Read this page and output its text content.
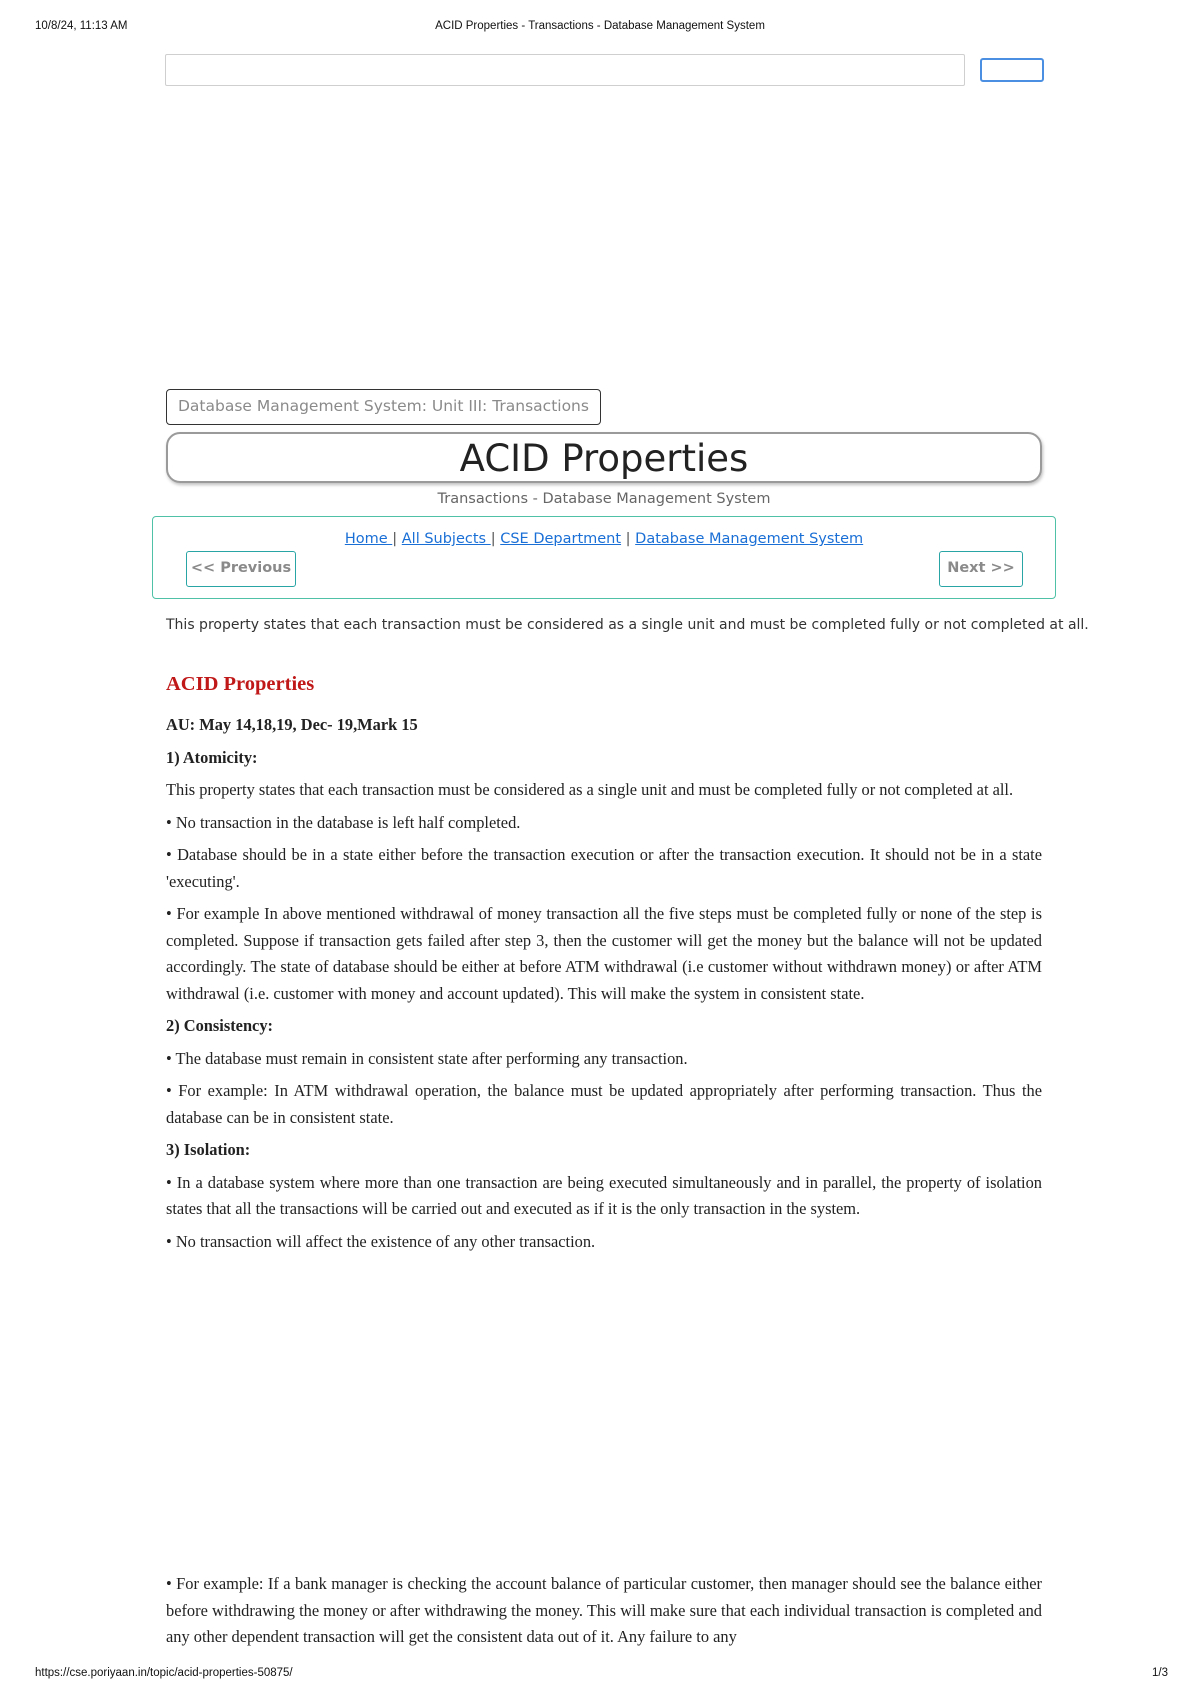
10/8/24, 11:13 AM	ACID Properties - Transactions - Database Management System
Database Management System: Unit III: Transactions
ACID Properties
Transactions - Database Management System
Home | All Subjects | CSE Department | Database Management System
<< Previous	Next >>
This property states that each transaction must be considered as a single unit and must be completed fully or not completed at all.
ACID Properties

AU: May 14,18,19, Dec- 19,Mark 15

1) Atomicity:

This property states that each transaction must be considered as a single unit and must be completed fully or not completed at all.

• No transaction in the database is left half completed.

• Database should be in a state either before the transaction execution or after the transaction execution. It should not be in a state 'executing'.

• For example In above mentioned withdrawal of money transaction all the five steps must be completed fully or none of the step is completed. Suppose if transaction gets failed after step 3, then the customer will get the money but the balance will not be updated accordingly. The state of database should be either at before ATM withdrawal (i.e customer without withdrawn money) or after ATM withdrawal (i.e. customer with money and account updated). This will make the system in consistent state.

2) Consistency:

• The database must remain in consistent state after performing any transaction.

• For example: In ATM withdrawal operation, the balance must be updated appropriately after performing transaction. Thus the database can be in consistent state.

3) Isolation:

• In a database system where more than one transaction are being executed simultaneously and in parallel, the property of isolation states that all the transactions will be carried out and executed as if it is the only transaction in the system.

• No transaction will affect the existence of any other transaction.

• For example: If a bank manager is checking the account balance of particular customer, then manager should see the balance either before withdrawing the money or after withdrawing the money. This will make sure that each individual transaction is completed and any other dependent transaction will get the consistent data out of it. Any failure to any

https://cse.poriyaan.in/topic/acid-properties-50875/	1/3
